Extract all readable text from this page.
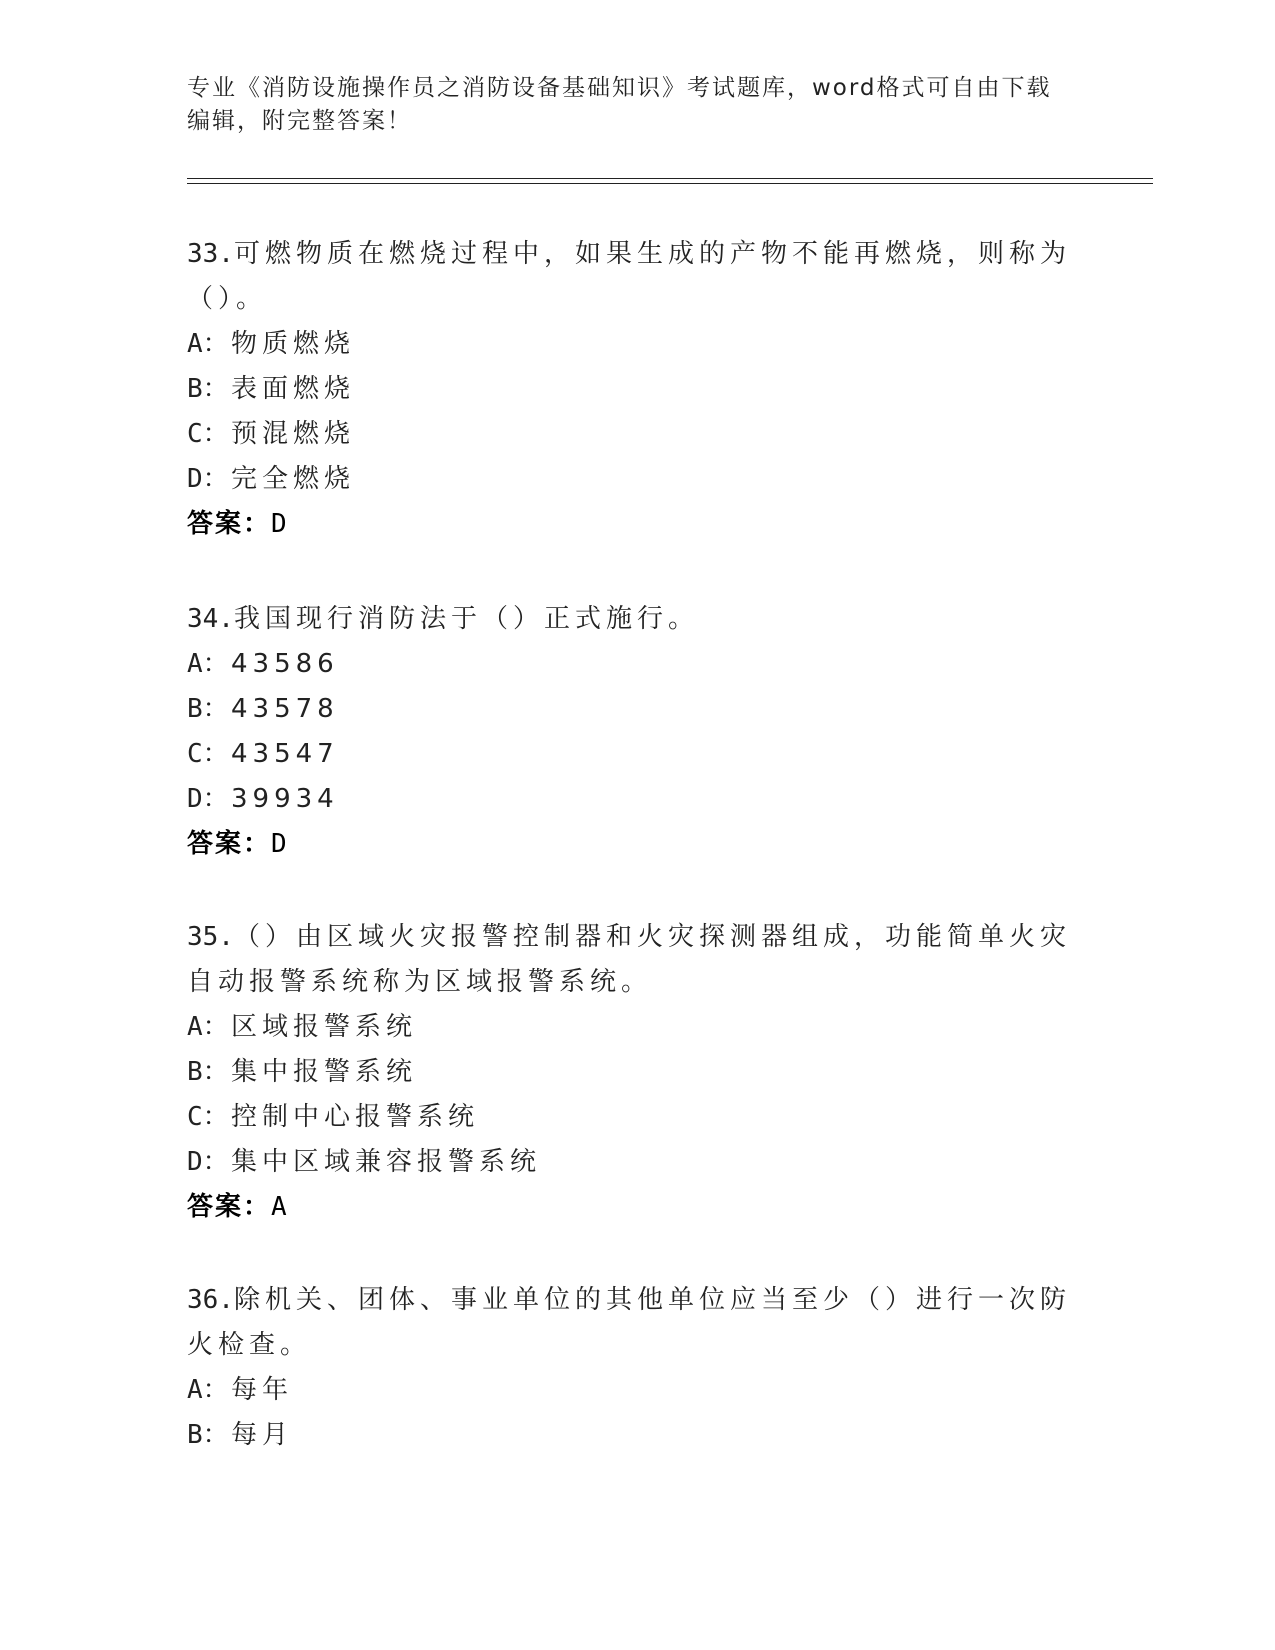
专业《消防设施操作员之消防设备基础知识》考试题库，word格式可自由下载编辑，附完整答案！
33.可燃物质在燃烧过程中，如果生成的产物不能再燃烧，则称为（）。
A：物质燃烧
B：表面燃烧
C：预混燃烧
D：完全燃烧
答案：D
34.我国现行消防法于（）正式施行。
A：43586
B：43578
C：43547
D：39934
答案：D
35.（）由区域火灾报警控制器和火灾探测器组成，功能简单火灾自动报警系统称为区域报警系统。
A：区域报警系统
B：集中报警系统
C：控制中心报警系统
D：集中区域兼容报警系统
答案：A
36.除机关、团体、事业单位的其他单位应当至少（）进行一次防火检查。
A：每年
B：每月
